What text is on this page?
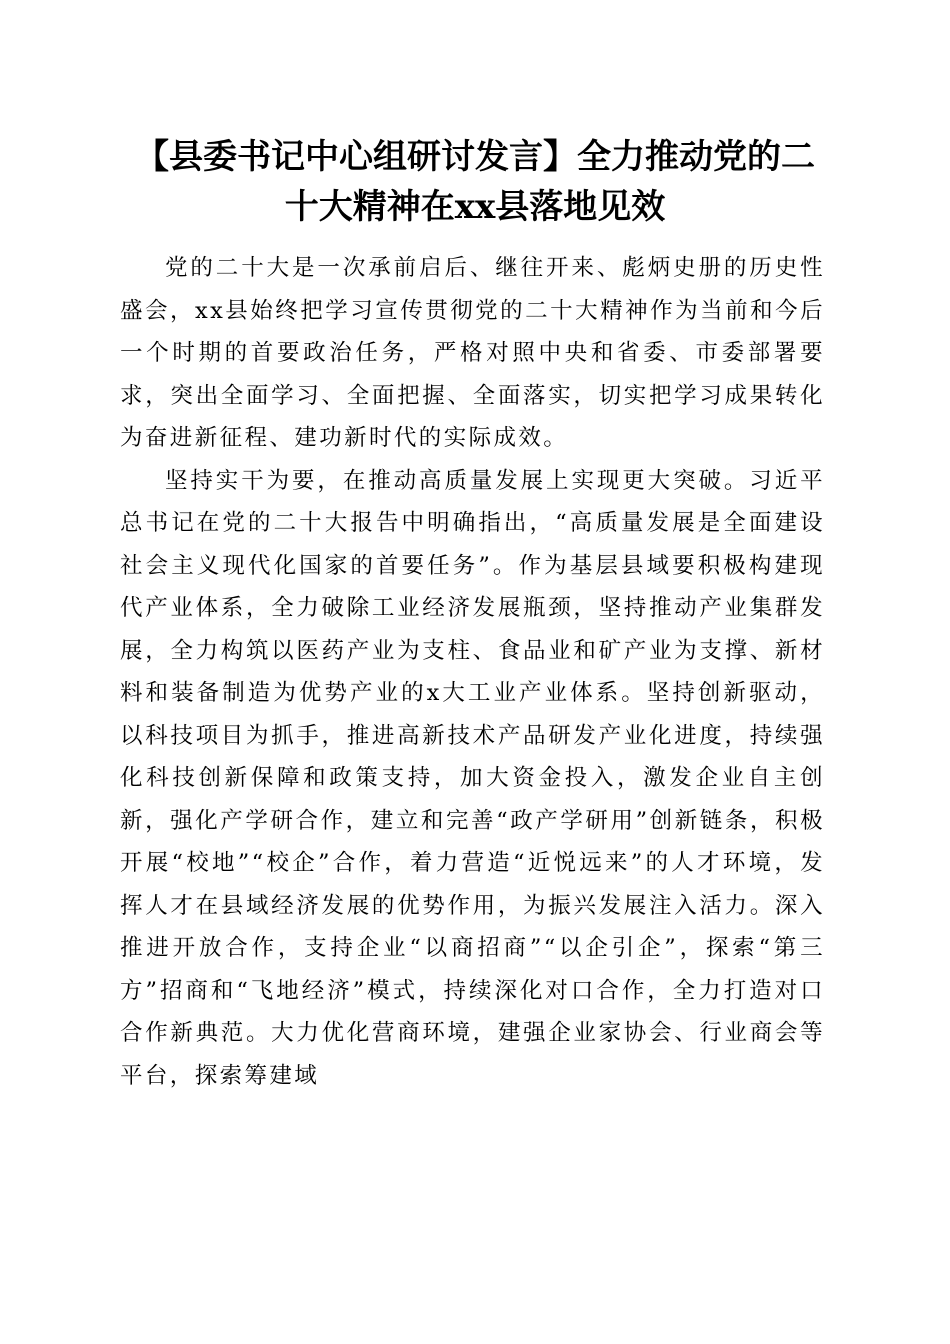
【县委书记中心组研讨发言】全力推动党的二
十大精神在xx县落地见效

党的二十大是一次承前启后、继往开来、彪炳史册的历史性盛会，xx县始终把学习宣传贯彻党的二十大精神作为当前和今后一个时期的首要政治任务，严格对照中央和省委、市委部署要求，突出全面学习、全面把握、全面落实，切实把学习成果转化为奋进新征程、建功新时代的实际成效。

坚持实干为要，在推动高质量发展上实现更大突破。习近平总书记在党的二十大报告中明确指出，“高质量发展是全面建设社会主义现代化国家的首要任务”。作为基层县域要积极构建现代产业体系，全力破除工业经济发展瓶颈，坚持推动产业集群发展，全力构筑以医药产业为支柱、食品业和矿产业为支撑、新材料和装备制造为优势产业的x大工业产业体系。坚持创新驱动，以科技项目为抓手，推进高新技术产品研发产业化进度，持续强化科技创新保障和政策支持，加大资金投入，激发企业自主创新，强化产学研合作，建立和完善“政产学研用”创新链条，积极开展“校地”“校企”合作，着力营造“近悦远来”的人才环境，发挥人才在县域经济发展的优势作用，为振兴发展注入活力。深入推进开放合作，支持企业“以商招商”“以企引企”，探索“第三方”招商和“飞地经济”模式，持续深化对口合作，全力打造对口合作新典范。大力优化营商环境，建强企业家协会、行业商会等平台，探索筹建域
